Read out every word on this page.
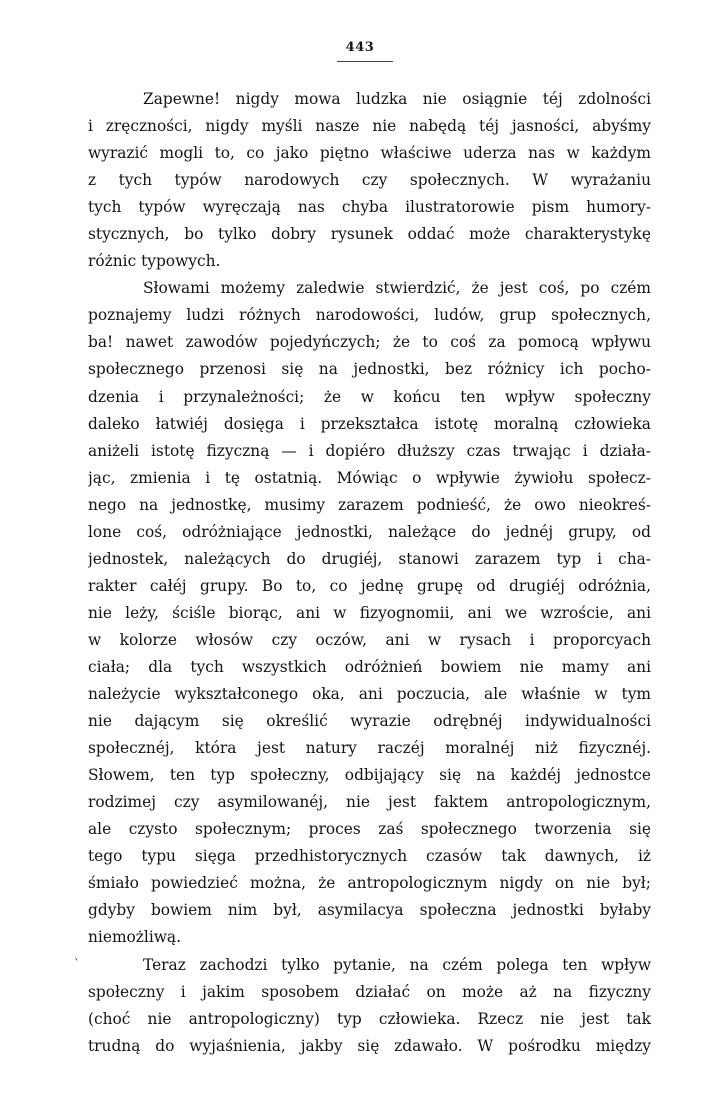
443
Zapewne! nigdy mowa ludzka nie osiągnie téj zdolności
i zręczności, nigdy myśli nasze nie nabędą téj jasności, abyśmy
wyrazić mogli to, co jako piętno właściwe uderza nas w każdym
z tych typów narodowych czy społecznych. W wyrażaniu
tych typów wyręczają nas chyba ilustratorowie pism humory-
stycznych, bo tylko dobry rysunek oddać może charakterystykę
różnic typowych.
Słowami możemy zaledwie stwierdzić, że jest coś, po czém
poznajemy ludzi różnych narodowości, ludów, grup społecznych,
ba! nawet zawodów pojedyńczych; że to coś za pomocą wpływu
społecznego przenosi się na jednostki, bez różnicy ich pocho-
dzenia i przynależności; że w końcu ten wpływ społeczny
daleko łatwiéj dosięga i przekształca istotę moralną człowieka
aniżeli istotę fizyczną — i dopiéro dłuższy czas trwając i działa-
jąc, zmienia i tę ostatnią. Mówiąc o wpływie żywiołu społecz-
nego na jednostkę, musimy zarazem podnieść, że owo nieokreś-
lone coś, odróżniające jednostki, należące do jednéj grupy, od
jednostek, należących do drugiéj, stanowi zarazem typ i cha-
rakter całéj grupy. Bo to, co jednę grupę od drugiéj odróżnia,
nie leży, ściśle biorąc, ani w fizyognomii, ani we wzroście, ani
w kolorze włosów czy oczów, ani w rysach i proporcyach
ciała; dla tych wszystkich odróżnień bowiem nie mamy ani
należycie wykształconego oka, ani poczucia, ale właśnie w tym
nie dającym się określić wyrazie odrębnéj indywidualności
społecznéj, która jest natury raczéj moralnéj niż fizycznéj.
Słowem, ten typ społeczny, odbijający się na każdéj jednostce
rodzimej czy asymilowanéj, nie jest faktem antropologicznym,
ale czysto społecznym; proces zaś społecznego tworzenia się
tego typu sięga przedhistorycznych czasów tak dawnych, iż
śmiało powiedzieć można, że antropologicznym nigdy on nie był;
gdyby bowiem nim był, asymilacya społeczna jednostki byłaby
niemożliwą.
Teraz zachodzi tylko pytanie, na czém polega ten wpływ
społeczny i jakim sposobem działać on może aż na fizyczny
(choć nie antropologiczny) typ człowieka. Rzecz nie jest tak
trudną do wyjaśnienia, jakby się zdawało. W pośrodku między
`
